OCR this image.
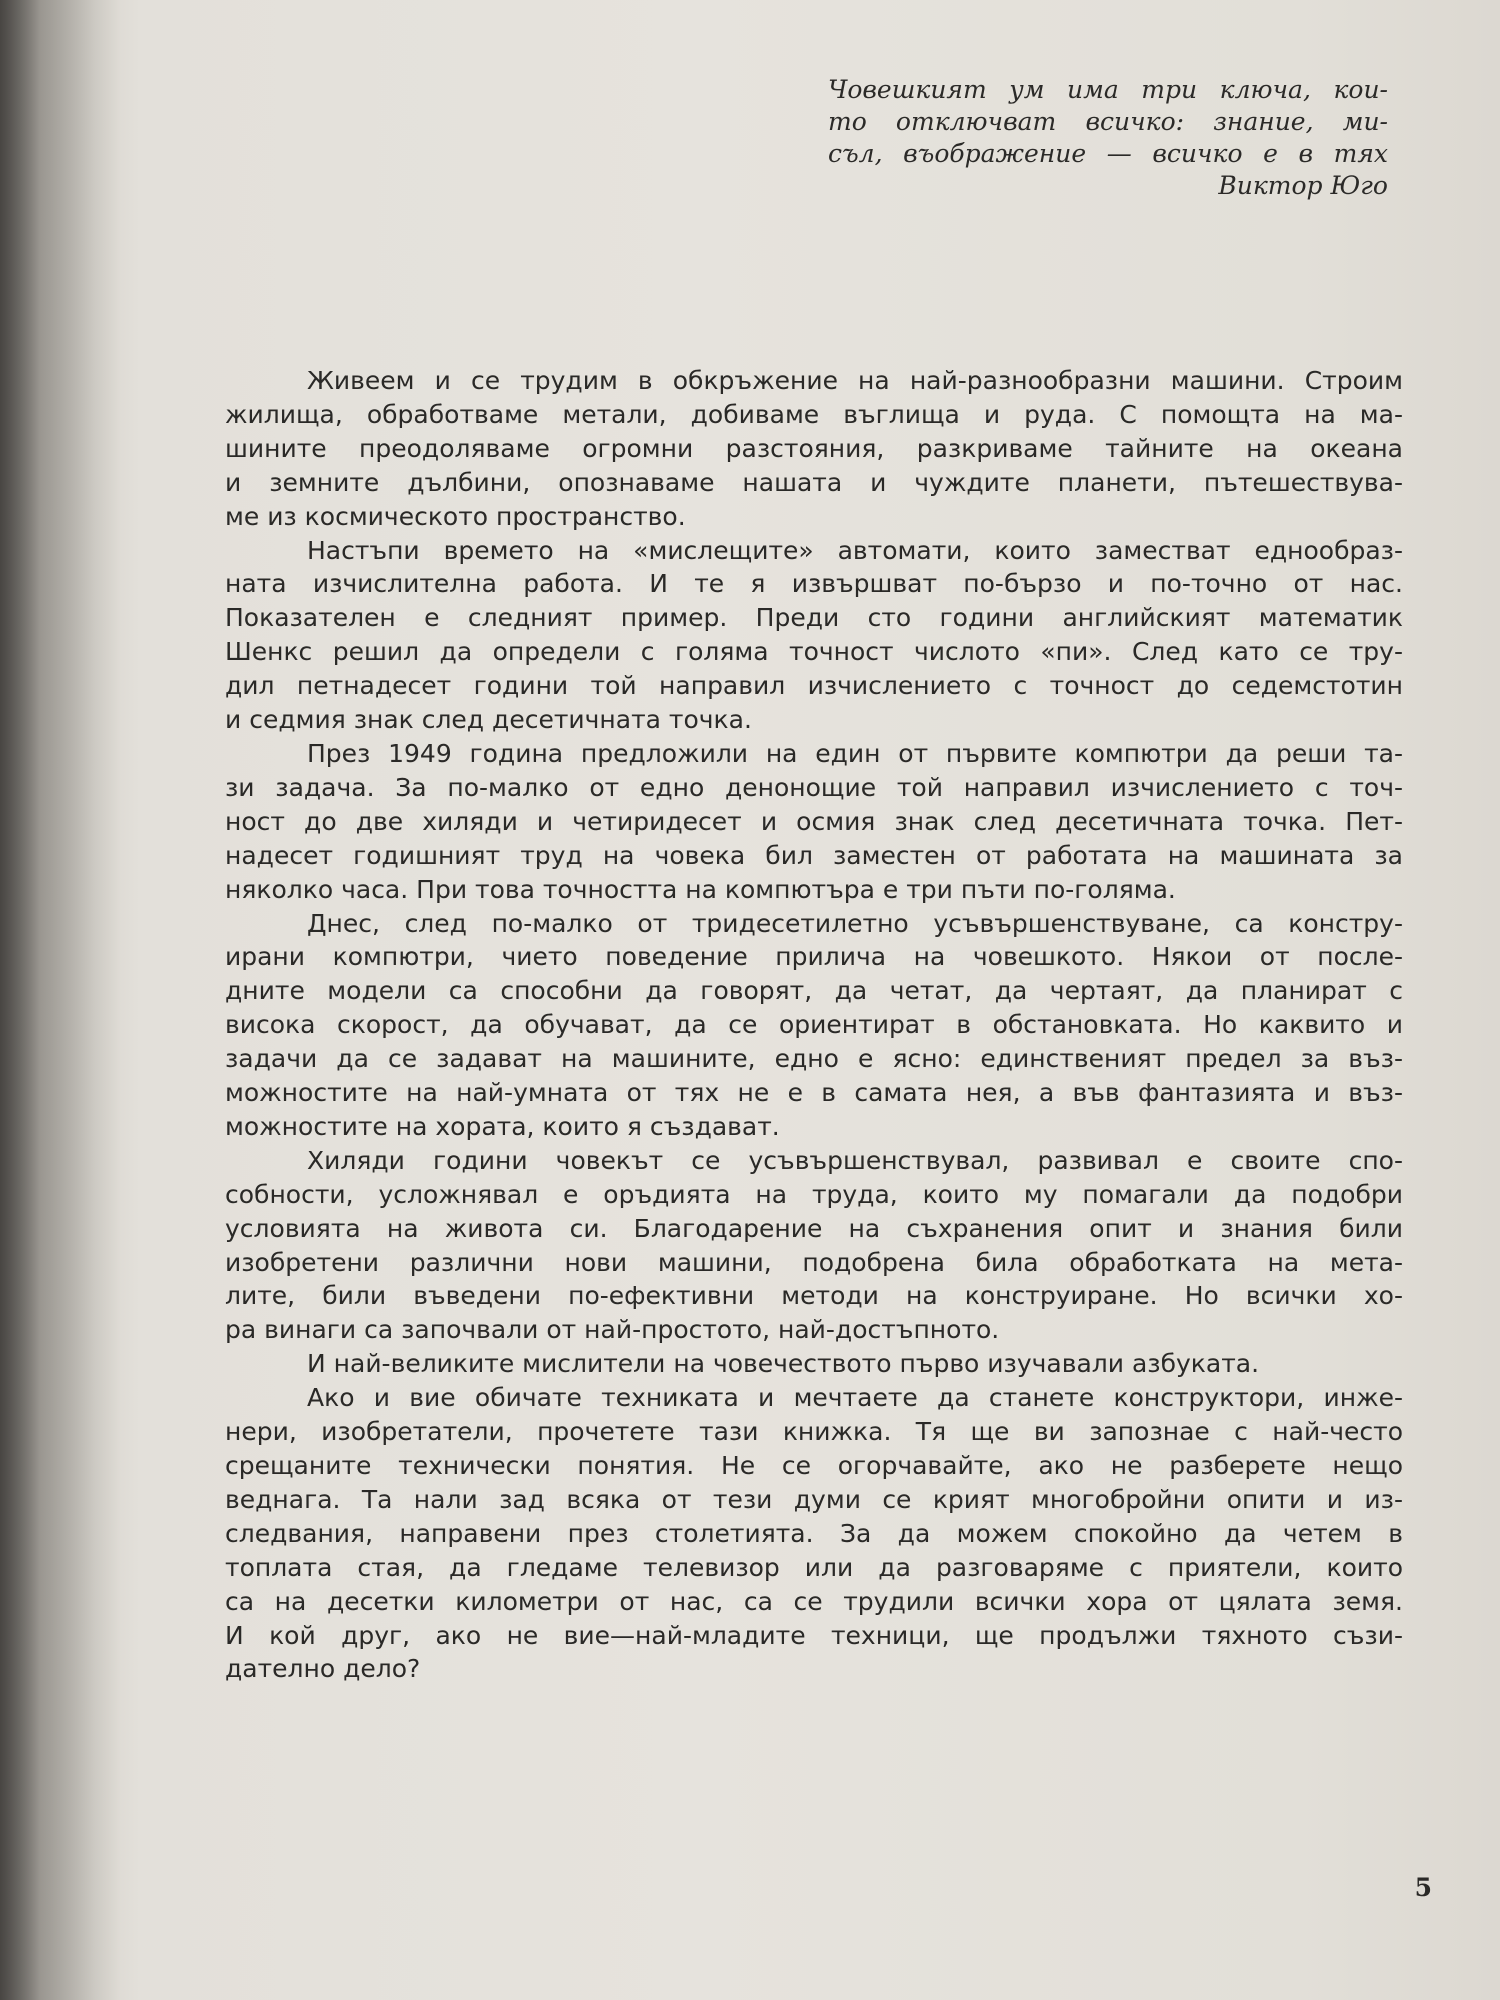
Човешкият ум има три ключа, кои-
то отключват всичко: знание, ми-
съл, въображение — всичко е в тях
Виктор Юго
Живеем и се трудим в обкръжение на най-разнообразни машини. Строим
жилища, обработваме метали, добиваме въглища и руда. С помощта на ма-
шините преодоляваме огромни разстояния, разкриваме тайните на океана
и земните дълбини, опознаваме нашата и чуждите планети, пътешествува-
ме из космическото пространство.
Настъпи времето на «мислещите» автомати, които заместват еднообраз-
ната изчислителна работа. И те я извършват по-бързо и по-точно от нас.
Показателен е следният пример. Преди сто години английският математик
Шенкс решил да определи с голяма точност числото «пи». След като се тру-
дил петнадесет години той направил изчислението с точност до седемстотин
и седмия знак след десетичната точка.
През 1949 година предложили на един от първите компютри да реши та-
зи задача. За по-малко от едно денонощие той направил изчислението с точ-
ност до две хиляди и четиридесет и осмия знак след десетичната точка. Пет-
надесет годишният труд на човека бил заместен от работата на машината за
няколко часа. При това точността на компютъра е три пъти по-голяма.
Днес, след по-малко от тридесетилетно усъвършенствуване, са констру-
ирани компютри, чието поведение прилича на човешкото. Някои от после-
дните модели са способни да говорят, да четат, да чертаят, да планират с
висока скорост, да обучават, да се ориентират в обстановката. Но каквито и
задачи да се задават на машините, едно е ясно: единственият предел за въз-
можностите на най-умната от тях не е в самата нея, а във фантазията и въз-
можностите на хората, които я създават.
Хиляди години човекът се усъвършенствувал, развивал е своите спо-
собности, усложнявал е оръдията на труда, които му помагали да подобри
условията на живота си. Благодарение на съхранения опит и знания били
изобретени различни нови машини, подобрена била обработката на мета-
лите, били въведени по-ефективни методи на конструиране. Но всички хо-
ра винаги са започвали от най-простото, най-достъпното.
И най-великите мислители на човечеството първо изучавали азбуката.
Ако и вие обичате техниката и мечтаете да станете конструктори, инже-
нери, изобретатели, прочетете тази книжка. Тя ще ви запознае с най-често
срещаните технически понятия. Не се огорчавайте, ако не разберете нещо
веднага. Та нали зад всяка от тези думи се крият многобройни опити и из-
следвания, направени през столетията. За да можем спокойно да четем в
топлата стая, да гледаме телевизор или да разговаряме с приятели, които
са на десетки километри от нас, са се трудили всички хора от цялата земя.
И кой друг, ако не вие—най-младите техници, ще продължи тяхното съзи-
дателно дело?
5
